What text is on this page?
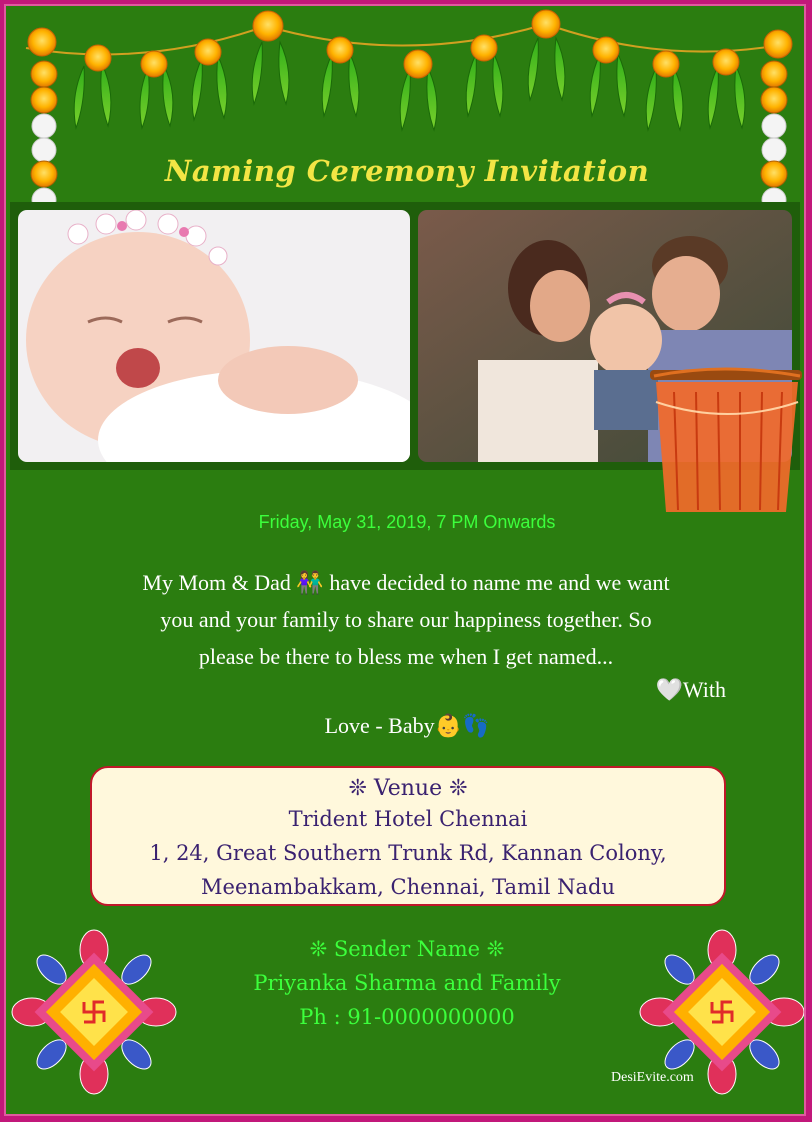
Naming Ceremony Invitation
Friday, May 31, 2019, 7 PM Onwards
My Mom & Dad 👫 have decided to name me and we want
you and your family to share our happiness together. So
please be there to bless me when I get named...
🤍With
Love - Baby👶👣
❊ Venue ❊
Trident Hotel Chennai
1, 24, Great Southern Trunk Rd, Kannan Colony,
Meenambakkam, Chennai, Tamil Nadu
❊ Sender Name ❊
Priyanka Sharma and Family
Ph : 91-0000000000
DesiEvite.com
